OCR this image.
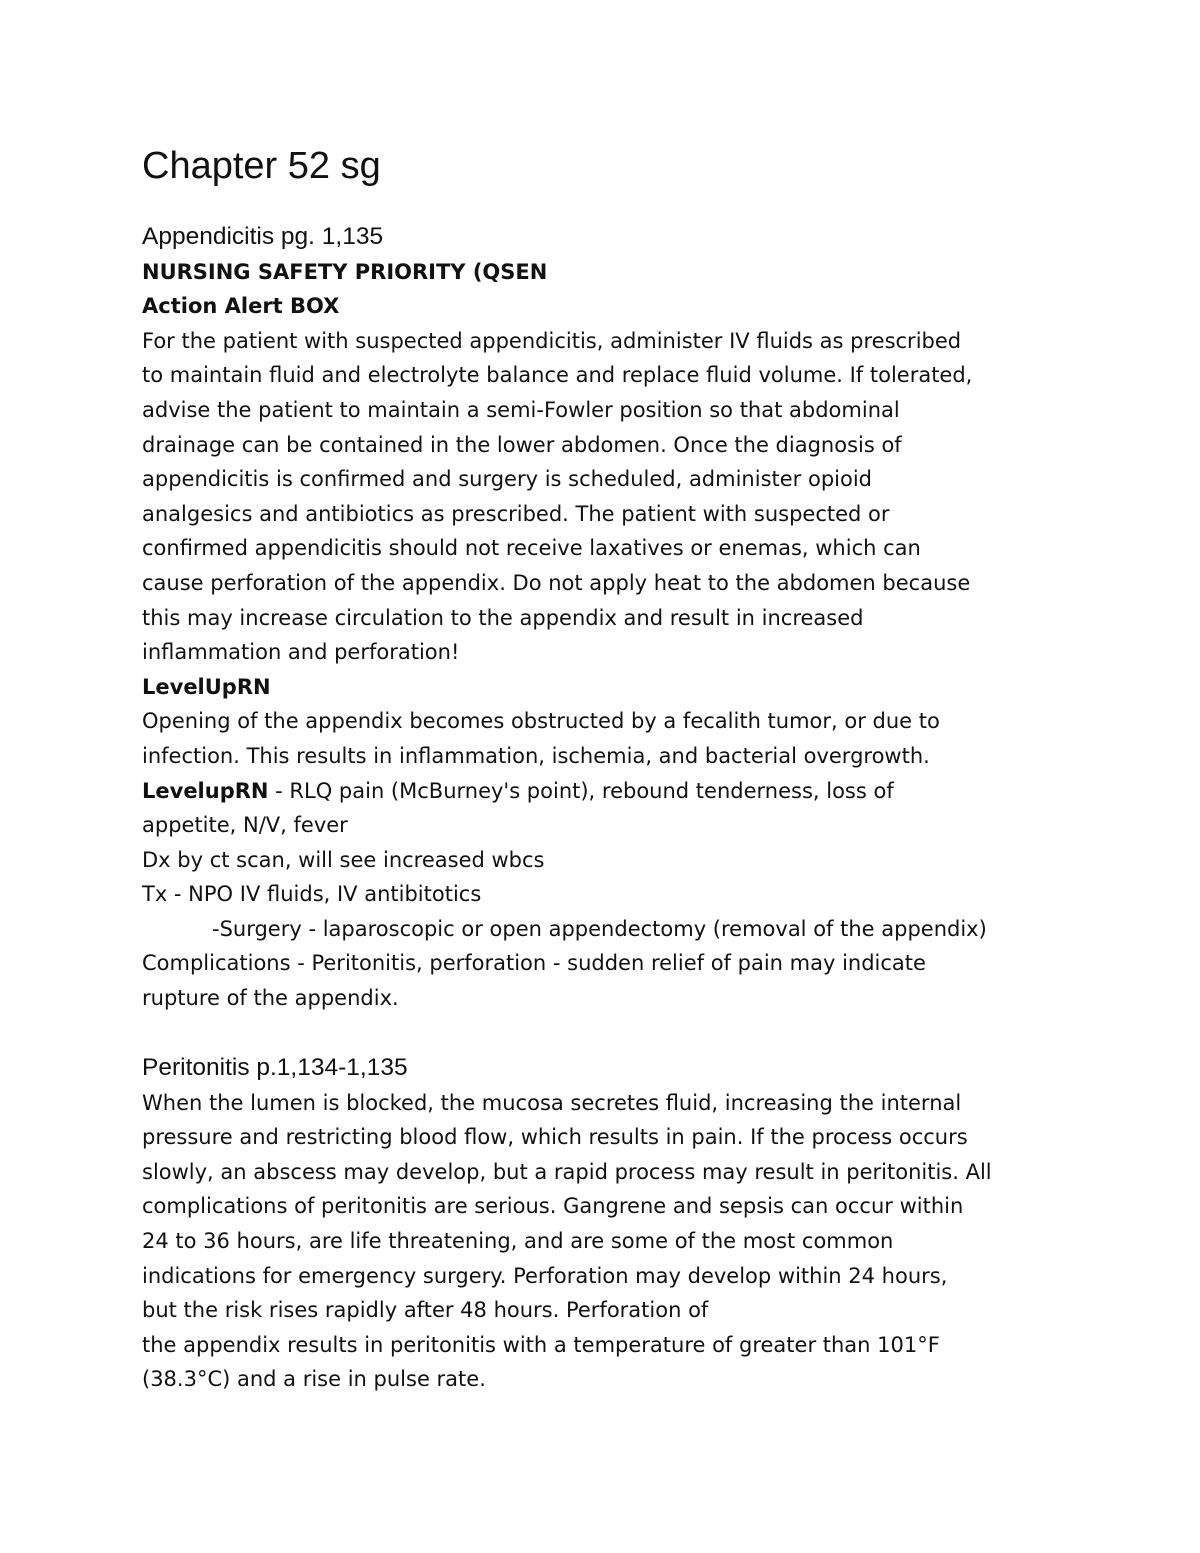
Chapter 52 sg
Appendicitis pg. 1,135
NURSING SAFETY PRIORITY (QSEN
Action Alert BOX
For the patient with suspected appendicitis, administer IV fluids as prescribed
to maintain fluid and electrolyte balance and replace fluid volume. If tolerated,
advise the patient to maintain a semi-Fowler position so that abdominal
drainage can be contained in the lower abdomen. Once the diagnosis of
appendicitis is confirmed and surgery is scheduled, administer opioid
analgesics and antibiotics as prescribed. The patient with suspected or
confirmed appendicitis should not receive laxatives or enemas, which can
cause perforation of the appendix. Do not apply heat to the abdomen because
this may increase circulation to the appendix and result in increased
inflammation and perforation!
LevelUpRN
Opening of the appendix becomes obstructed by a fecalith tumor, or due to
infection. This results in inflammation, ischemia, and bacterial overgrowth.
LevelupRN - RLQ pain (McBurney's point), rebound tenderness, loss of
appetite, N/V, fever
Dx by ct scan, will see increased wbcs
Tx - NPO IV fluids, IV antibitotics
-Surgery - laparoscopic or open appendectomy (removal of the appendix)
Complications - Peritonitis, perforation - sudden relief of pain may indicate
rupture of the appendix.
Peritonitis p.1,134-1,135
When the lumen is blocked, the mucosa secretes fluid, increasing the internal
pressure and restricting blood flow, which results in pain. If the process occurs
slowly, an abscess may develop, but a rapid process may result in peritonitis. All
complications of peritonitis are serious. Gangrene and sepsis can occur within
24 to 36 hours, are life threatening, and are some of the most common
indications for emergency surgery. Perforation may develop within 24 hours,
but the risk rises rapidly after 48 hours. Perforation of
the appendix results in peritonitis with a temperature of greater than 101°F
(38.3°C) and a rise in pulse rate.
